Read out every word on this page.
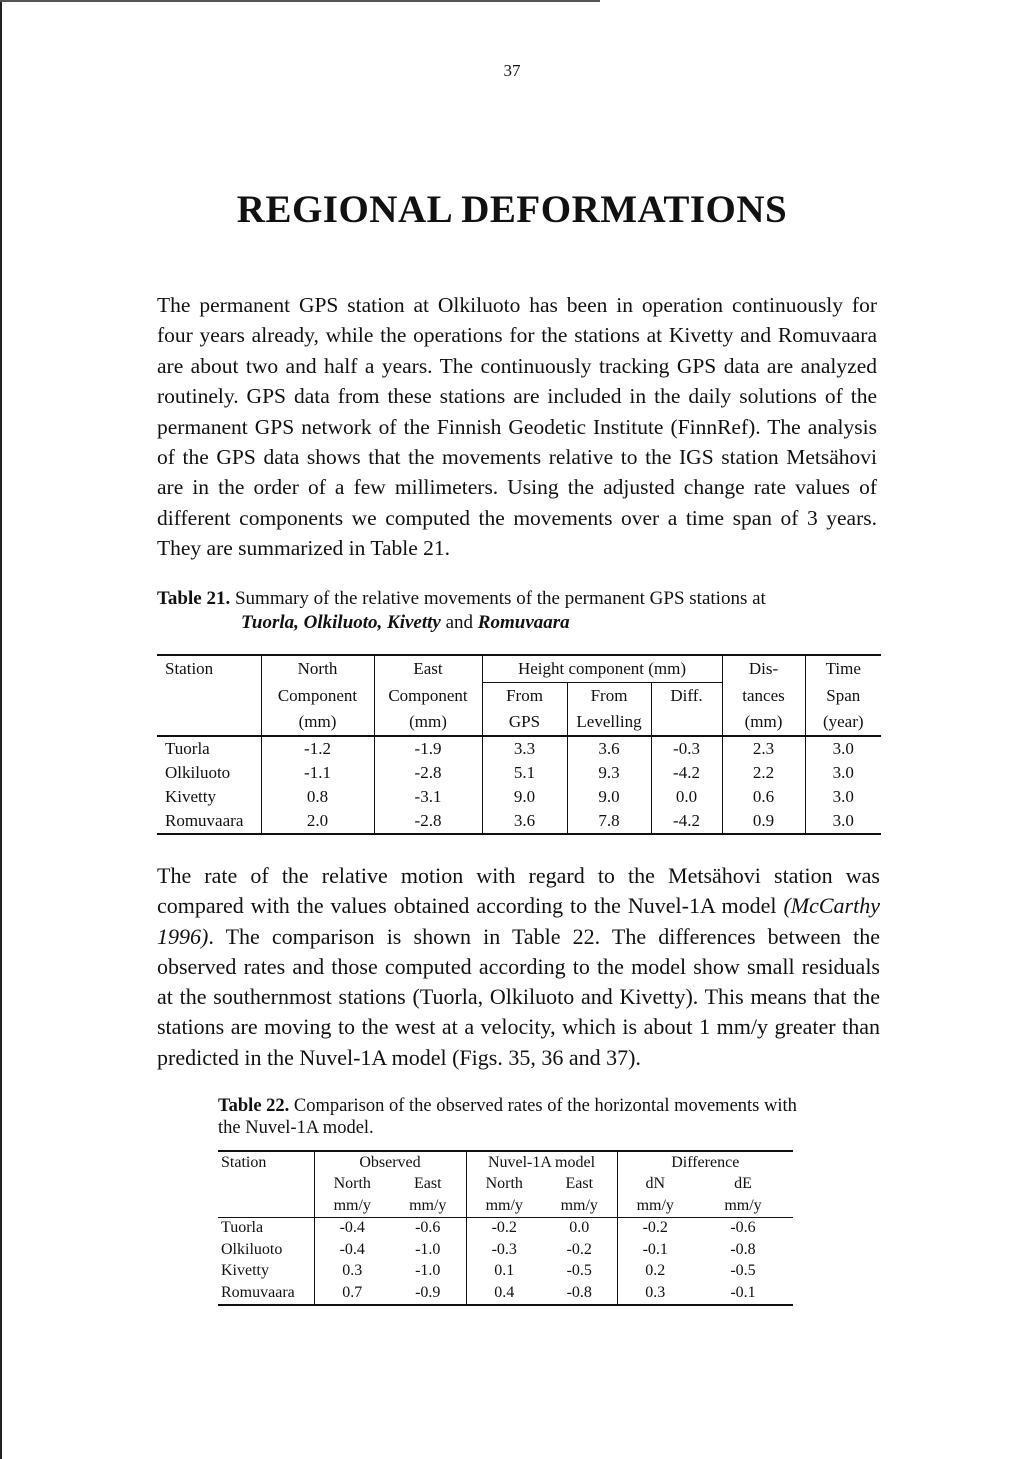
37
REGIONAL DEFORMATIONS

The permanent GPS station at Olkiluoto has been in operation continuously for four years already, while the operations for the stations at Kivetty and Romuvaara are about two and half a years. The continuously tracking GPS data are analyzed routinely. GPS data from these stations are included in the daily solutions of the permanent GPS network of the Finnish Geodetic Institute (FinnRef). The analysis of the GPS data shows that the movements relative to the IGS station Metsähovi are in the order of a few millimeters. Using the adjusted change rate values of different components we computed the movements over a time span of 3 years. They are summarized in Table 21.

Table 21. Summary of the relative movements of the permanent GPS stations at
Tuorla, Olkiluoto, Kivetty and Romuvaara
Station	North	East	Height component (mm)			Dis-	Time
	Component	Component	From	From	Diff.	tances	Span
	(mm)	(mm)	GPS	Levelling		(mm)	(year)
Tuorla	-1.2	-1.9	3.3	3.6	-0.3	2.3	3.0
Olkiluoto	-1.1	-2.8	5.1	9.3	-4.2	2.2	3.0
Kivetty	0.8	-3.1	9.0	9.0	0.0	0.6	3.0
Romuvaara	2.0	-2.8	3.6	7.8	-4.2	0.9	3.0

The rate of the relative motion with regard to the Metsähovi station was compared with the values obtained according to the Nuvel-1A model (McCarthy 1996). The comparison is shown in Table 22. The differences between the observed rates and those computed according to the model show small residuals at the southernmost stations (Tuorla, Olkiluoto and Kivetty). This means that the stations are moving to the west at a velocity, which is about 1 mm/y greater than predicted in the Nuvel-1A model (Figs. 35, 36 and 37).

Table 22. Comparison of the observed rates of the horizontal movements with the Nuvel-1A model.
Station	Observed		Nuvel-1A model		Difference	
	North	East	North	East	dN	dE
	mm/y	mm/y	mm/y	mm/y	mm/y	mm/y
Tuorla	-0.4	-0.6	-0.2	0.0	-0.2	-0.6
Olkiluoto	-0.4	-1.0	-0.3	-0.2	-0.1	-0.8
Kivetty	0.3	-1.0	0.1	-0.5	0.2	-0.5
Romuvaara	0.7	-0.9	0.4	-0.8	0.3	-0.1
